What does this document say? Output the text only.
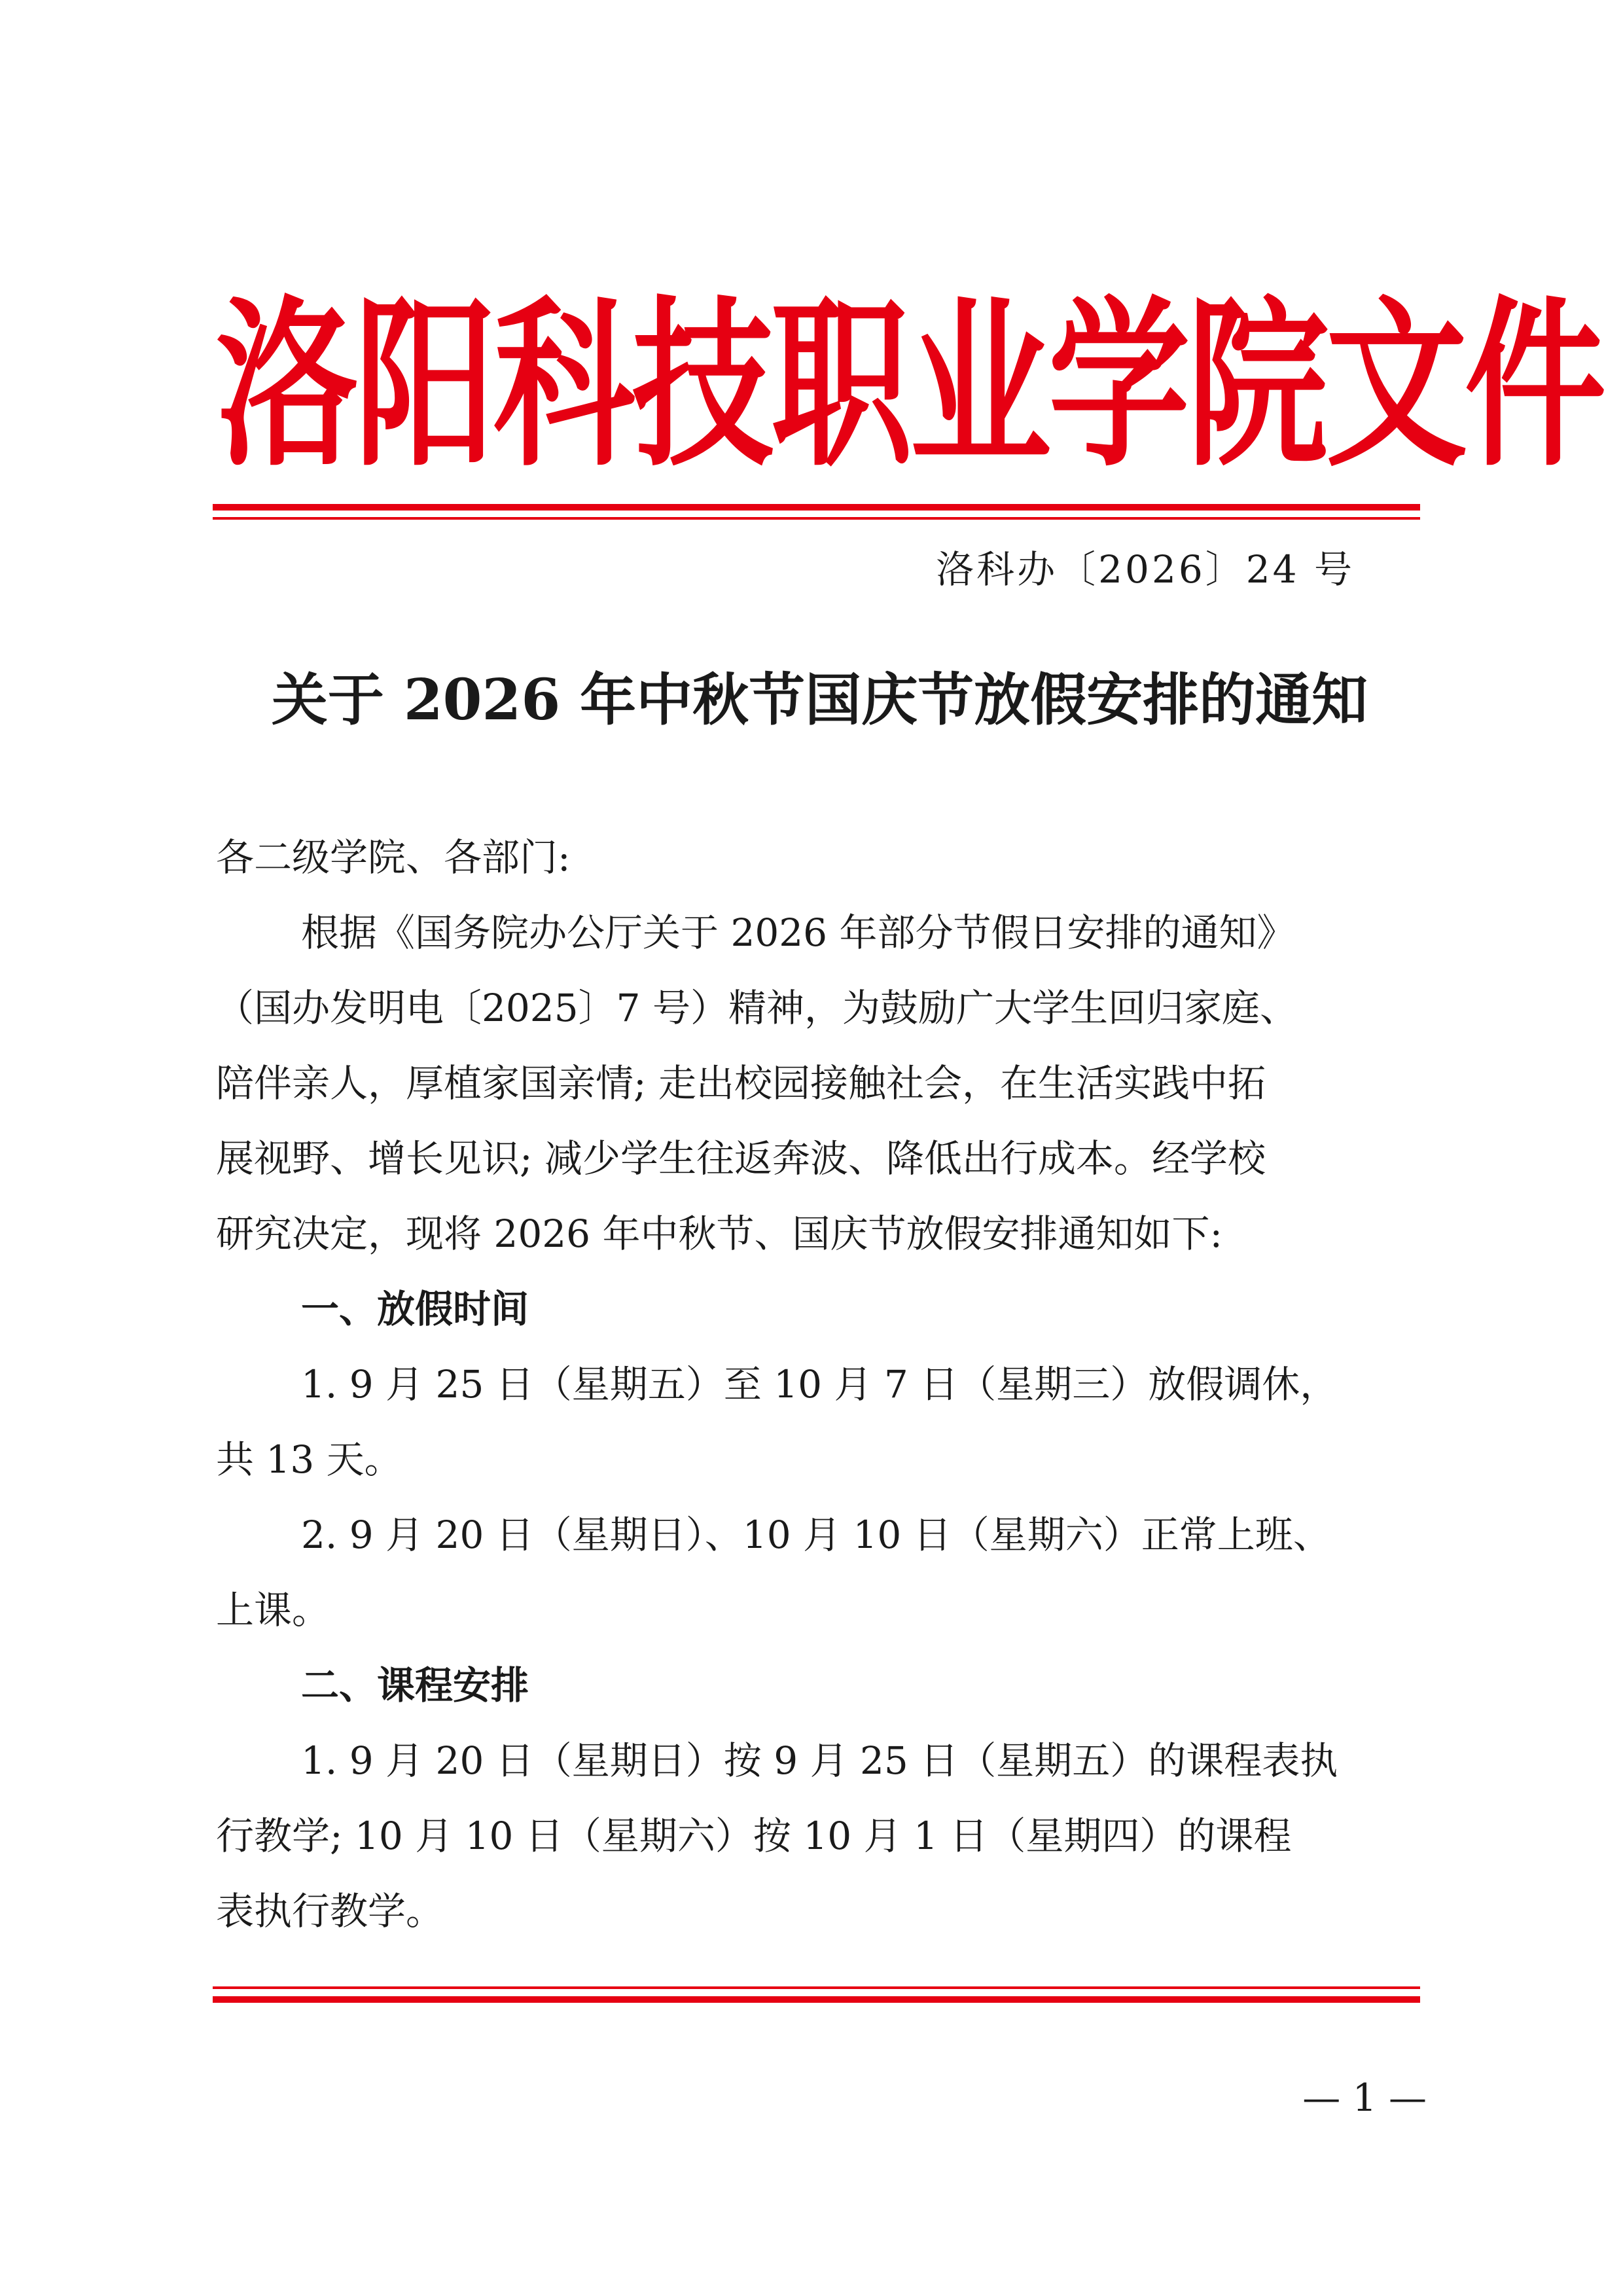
洛阳科技职业学院文件
洛科办〔2026〕24 号
关于 2026 年中秋节国庆节放假安排的通知
各二级学院、各部门:
根据《国务院办公厅关于 2026 年部分节假日安排的通知》
（国办发明电〔2025〕7 号）精神，为鼓励广大学生回归家庭、
陪伴亲人，厚植家国亲情; 走出校园接触社会，在生活实践中拓
展视野、增长见识; 减少学生往返奔波、降低出行成本。经学校
研究决定，现将 2026 年中秋节、国庆节放假安排通知如下:
一、放假时间
1. 9 月 25 日（星期五）至 10 月 7 日（星期三）放假调休，
共 13 天。
2. 9 月 20 日（星期日）、10 月 10 日（星期六）正常上班、
上课。
二、课程安排
1. 9 月 20 日（星期日）按 9 月 25 日（星期五）的课程表执
行教学; 10 月 10 日（星期六）按 10 月 1 日（星期四）的课程
表执行教学。
— 1 —
